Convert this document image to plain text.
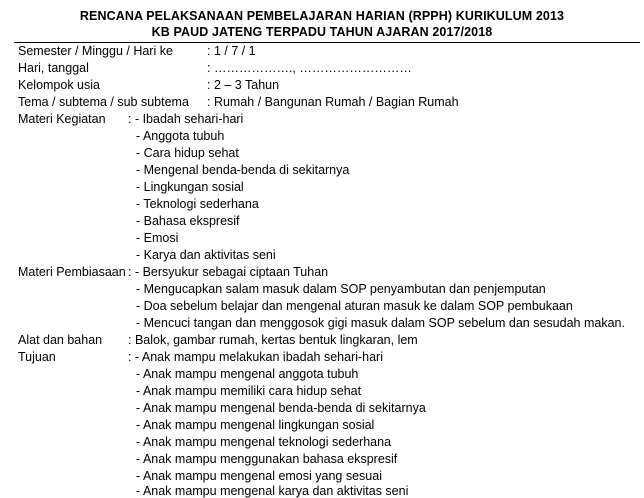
RENCANA PELAKSANAAN PEMBELAJARAN HARIAN (RPPH) KURIKULUM 2013
KB PAUD JATENG TERPADU TAHUN AJARAN 2017/2018
Semester / Minggu / Hari ke	: 1 / 7 / 1
Hari, tanggal	: ………………., ………………………
Kelompok usia	: 2 – 3 Tahun
Tema / subtema / sub subtema : Rumah / Bangunan Rumah / Bagian Rumah
Materi Kegiatan : - Ibadah sehari-hari
- Anggota tubuh
- Cara hidup sehat
- Mengenal benda-benda di sekitarnya
- Lingkungan sosial
- Teknologi sederhana
- Bahasa ekspresif
- Emosi
- Karya dan aktivitas seni
Materi Pembiasaan : - Bersyukur sebagai ciptaan Tuhan
- Mengucapkan salam masuk dalam SOP penyambutan dan penjemputan
- Doa sebelum belajar dan mengenal aturan masuk ke dalam SOP pembukaan
- Mencuci tangan dan menggosok gigi masuk dalam SOP sebelum dan sesudah makan.
Alat dan bahan : Balok, gambar rumah, kertas bentuk lingkaran, lem
Tujuan	: - Anak mampu melakukan ibadah sehari-hari
- Anak mampu mengenal anggota tubuh
- Anak mampu memiliki cara hidup sehat
- Anak mampu mengenal benda-benda di sekitarnya
- Anak mampu mengenal lingkungan sosial
- Anak mampu mengenal teknologi sederhana
- Anak mampu menggunakan bahasa ekspresif
- Anak mampu mengenal emosi yang sesuai
- Anak mampu mengenal karya dan aktivitas seni
